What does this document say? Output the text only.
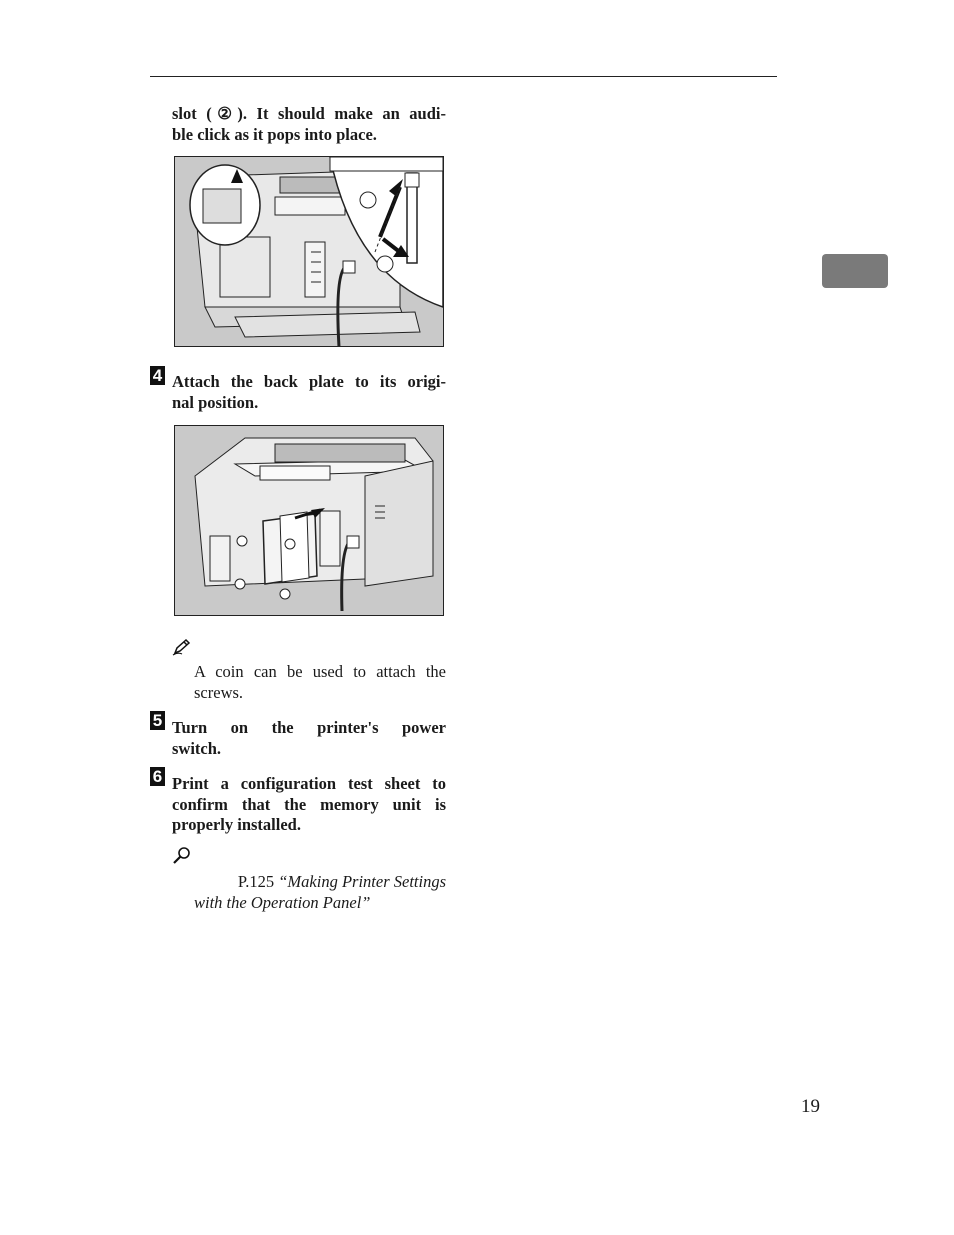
slot (②). It should make an audi-
ble click as it pops into place.
4 Attach the back plate to its origi-
nal position.
A coin can be used to attach the
screws.
5 Turn on the printer's power
switch.
6 Print a configuration test sheet to
confirm that the memory unit is
properly installed.
P.125 “Making Printer Settings
with the Operation Panel”
19
